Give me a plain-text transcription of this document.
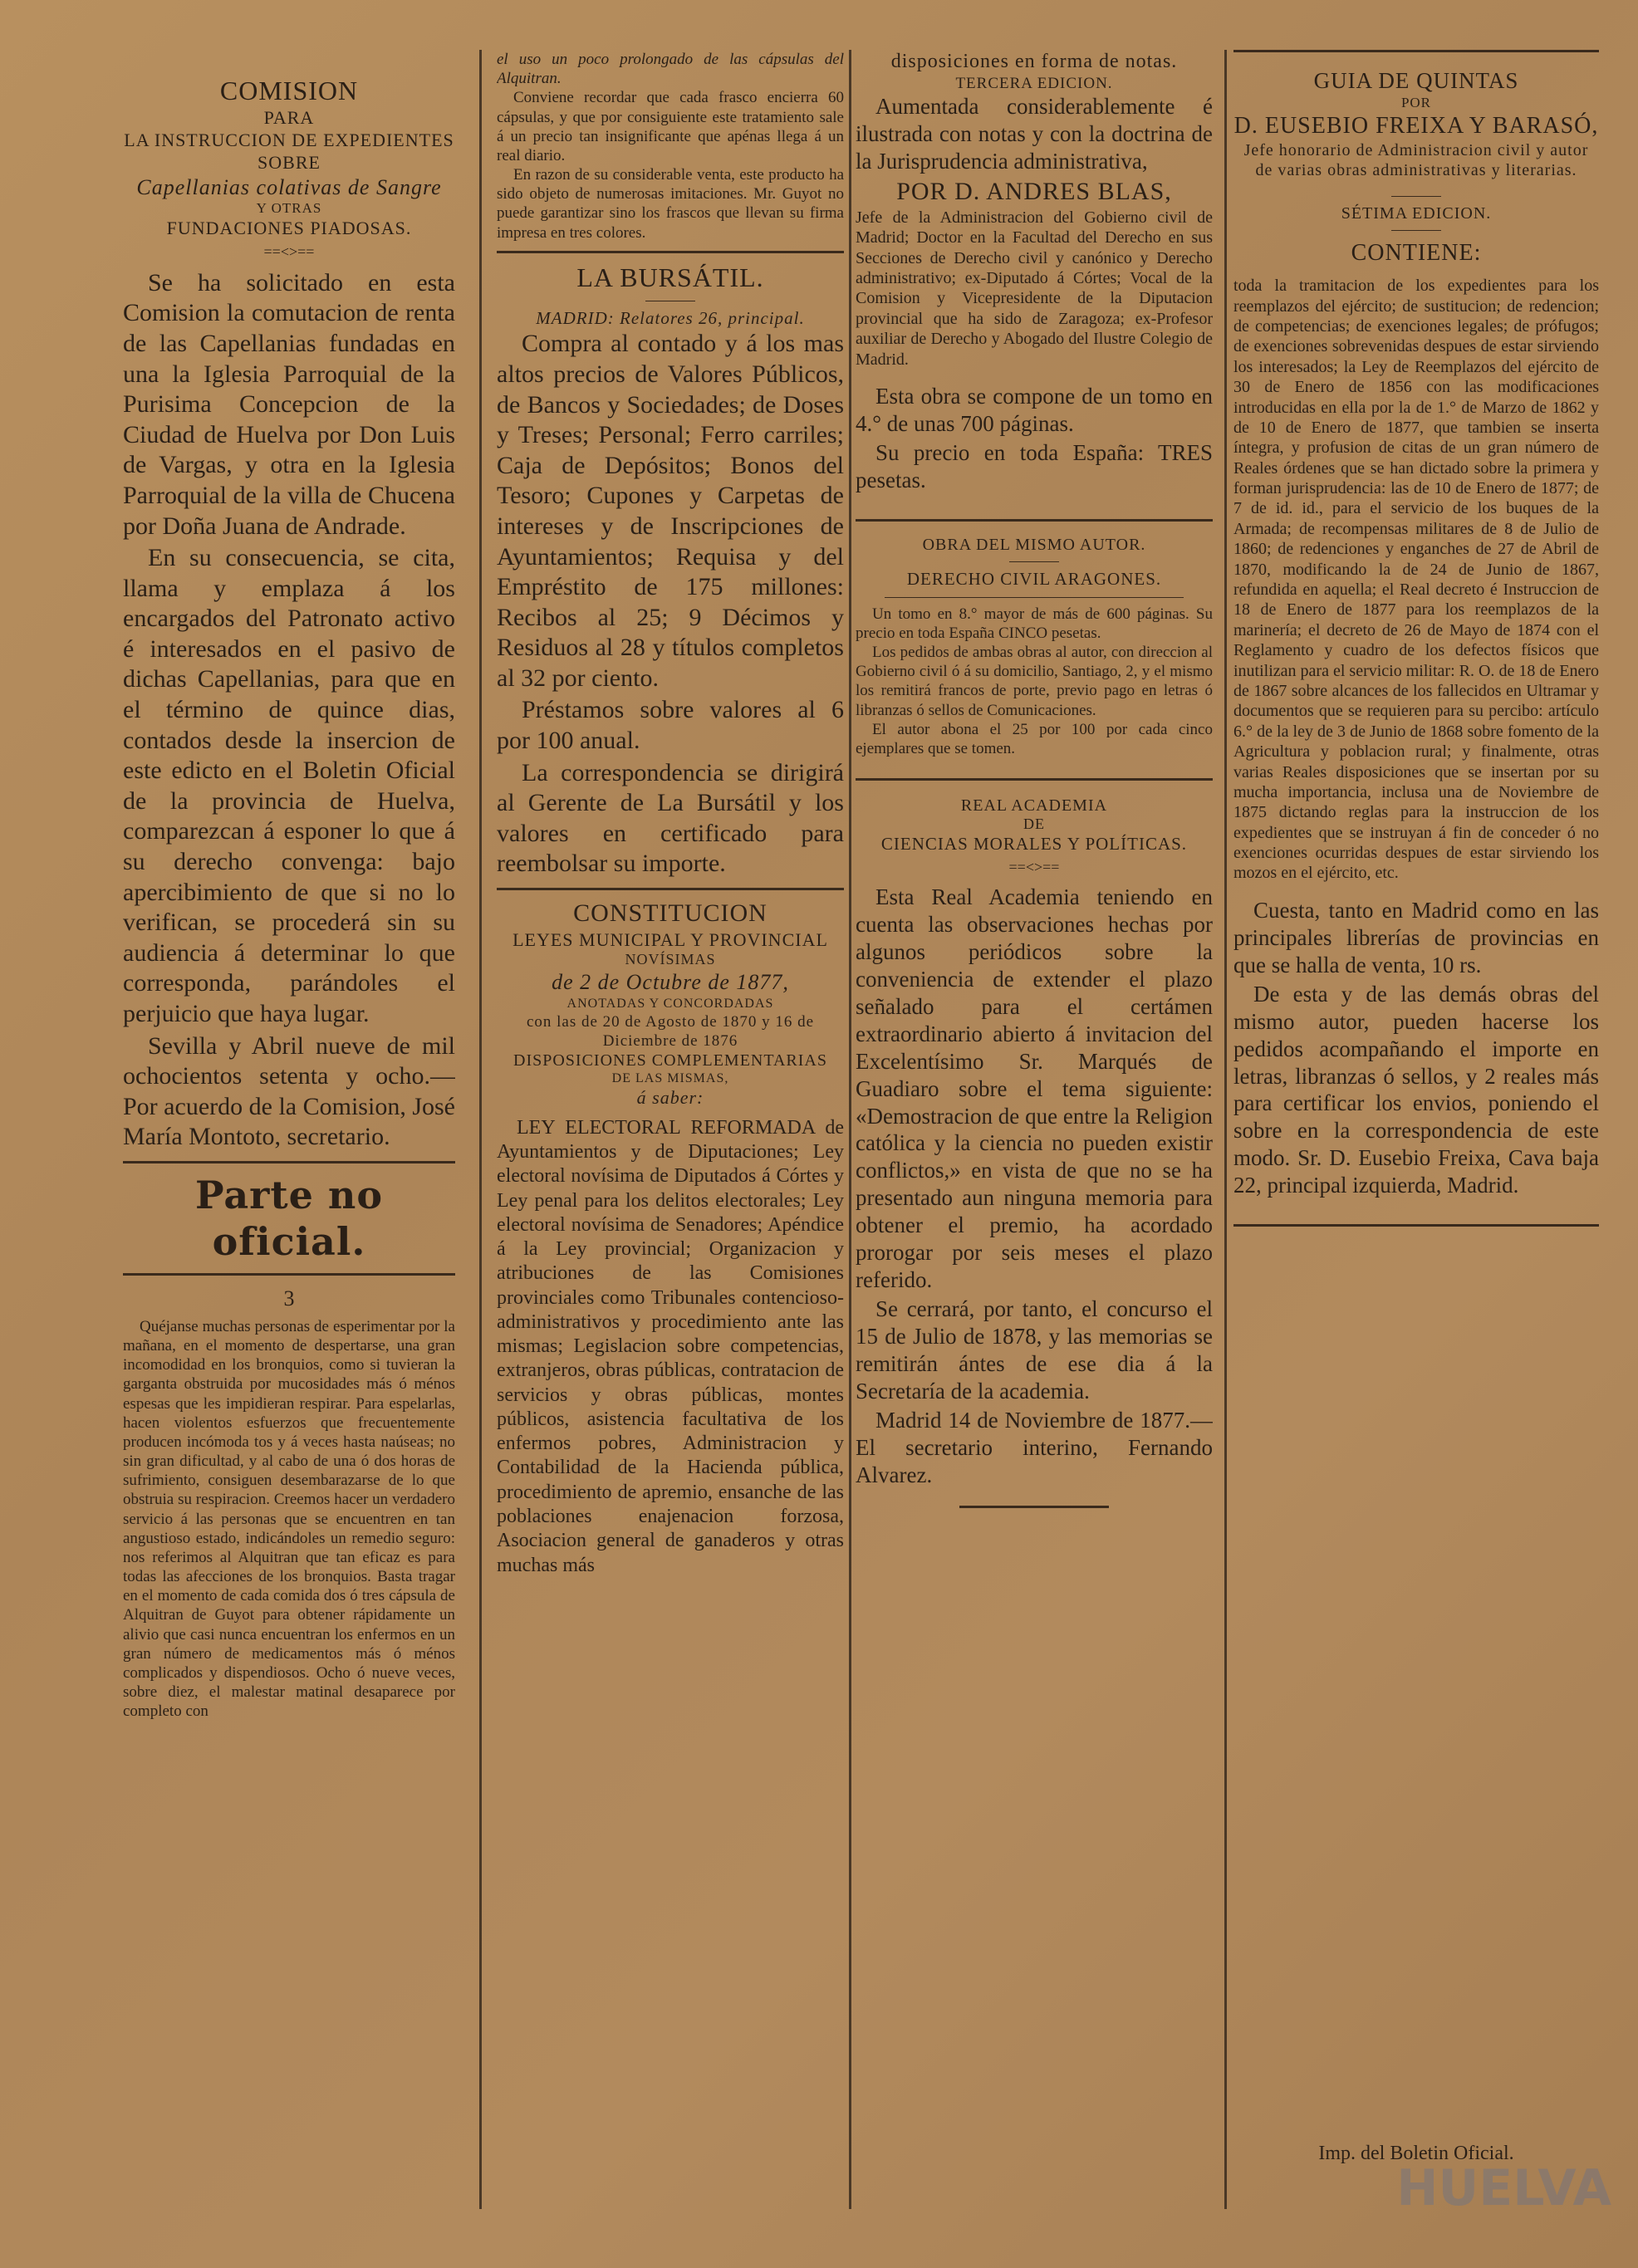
COMISION
PARA
LA INSTRUCCION DE EXPEDIENTES
SOBRE
Capellanias colativas de Sangre
Y OTRAS
FUNDACIONES PIADOSAS.
==<>==

Se ha solicitado en esta Comision la comutacion de renta de las Capellanias fundadas en una la Iglesia Parroquial de la Purisima Concepcion de la Ciudad de Huelva por Don Luis de Vargas, y otra en la Iglesia Parroquial de la villa de Chucena por Doña Juana de Andrade.

En su consecuencia, se cita, llama y emplaza á los encargados del Patronato activo é interesados en el pasivo de dichas Capellanias, para que en el término de quince dias, contados desde la insercion de este edicto en el Boletin Oficial de la provincia de Huelva, comparezcan á esponer lo que á su derecho convenga: bajo apercibimiento de que si no lo verifican, se procederá sin su audiencia á determinar lo que corresponda, parándoles el perjuicio que haya lugar.

Sevilla y Abril nueve de mil ochocientos setenta y ocho.—Por acuerdo de la Comision, José María Montoto, secretario.

Parte no oficial.
3

Quéjanse muchas personas de esperimentar por la mañana, en el momento de despertarse, una gran incomodidad en los bronquios, como si tuvieran la garganta obstruida por mucosidades más ó ménos espesas que les impidieran respirar. Para espelarlas, hacen violentos esfuerzos que frecuentemente producen incómoda tos y á veces hasta naúseas; no sin gran dificultad, y al cabo de una ó dos horas de sufrimiento, consiguen desembarazarse de lo que obstruia su respiracion. Creemos hacer un verdadero servicio á las personas que se encuentren en tan angustioso estado, indicándoles un remedio seguro: nos referimos al Alquitran que tan eficaz es para todas las afecciones de los bronquios. Basta tragar en el momento de cada comida dos ó tres cápsula de Alquitran de Guyot para obtener rápidamente un alivio que casi nunca encuentran los enfermos en un gran número de medicamentos más ó ménos complicados y dispendiosos. Ocho ó nueve veces, sobre diez, el malestar matinal desaparece por completo con

el uso un poco prolongado de las cápsulas del Alquitran.

Conviene recordar que cada frasco encierra 60 cápsulas, y que por consiguiente este tratamiento sale á un precio tan insignificante que apénas llega á un real diario.

En razon de su considerable venta, este producto ha sido objeto de numerosas imitaciones. Mr. Guyot no puede garantizar sino los frascos que llevan su firma impresa en tres colores.

LA BURSÁTIL.
MADRID: Relatores 26, principal.

Compra al contado y á los mas altos precios de Valores Públicos, de Bancos y Sociedades; de Doses y Treses; Personal; Ferro carriles; Caja de Depósitos; Bonos del Tesoro; Cupones y Carpetas de intereses y de Inscripciones de Ayuntamientos; Requisa y del Empréstito de 175 millones: Recibos al 25; 9 Décimos y Residuos al 28 y títulos completos al 32 por ciento.

Préstamos sobre valores al 6 por 100 anual.

La correspondencia se dirigirá al Gerente de La Bursátil y los valores en certificado para reembolsar su importe.

CONSTITUCION
LEYES MUNICIPAL Y PROVINCIAL
NOVÍSIMAS
de 2 de Octubre de 1877,
ANOTADAS Y CONCORDADAS
con las de 20 de Agosto de 1870 y 16 de Diciembre de 1876
DISPOSICIONES COMPLEMENTARIAS
DE LAS MISMAS,
á saber:

LEY ELECTORAL REFORMADA de Ayuntamientos y de Diputaciones; Ley electoral novísima de Diputados á Córtes y Ley penal para los delitos electorales; Ley electoral novísima de Senadores; Apéndice á la Ley provincial; Organizacion y atribuciones de las Comisiones provinciales como Tribunales contencioso-administrativos y procedimiento ante las mismas; Legislacion sobre competencias, extranjeros, obras públicas, contratacion de servicios y obras públicas, montes públicos, asistencia facultativa de los enfermos pobres, Administracion y Contabilidad de la Hacienda pública, procedimiento de apremio, ensanche de las poblaciones enajenacion forzosa, Asociacion general de ganaderos y otras muchas más

disposiciones en forma de notas.
TERCERA EDICION.

Aumentada considerablemente é ilustrada con notas y con la doctrina de la Jurisprudencia administrativa,

POR D. ANDRES BLAS,

Jefe de la Administracion del Gobierno civil de Madrid; Doctor en la Facultad del Derecho en sus Secciones de Derecho civil y canónico y Derecho administrativo; ex-Diputado á Córtes; Vocal de la Comision y Vicepresidente de la Diputacion provincial que ha sido de Zaragoza; ex-Profesor auxiliar de Derecho y Abogado del Ilustre Colegio de Madrid.

Esta obra se compone de un tomo en 4.° de unas 700 páginas.

Su precio en toda España: TRES pesetas.

OBRA DEL MISMO AUTOR.
DERECHO CIVIL ARAGONES.

Un tomo en 8.° mayor de más de 600 páginas. Su precio en toda España CINCO pesetas.

Los pedidos de ambas obras al autor, con direccion al Gobierno civil ó á su domicilio, Santiago, 2, y el mismo los remitirá francos de porte, previo pago en letras ó libranzas ó sellos de Comunicaciones.

El autor abona el 25 por 100 por cada cinco ejemplares que se tomen.

REAL ACADEMIA
DE
CIENCIAS MORALES Y POLÍTICAS.
==<>==

Esta Real Academia teniendo en cuenta las observaciones hechas por algunos periódicos sobre la conveniencia de extender el plazo señalado para el certámen extraordinario abierto á invitacion del Excelentísimo Sr. Marqués de Guadiaro sobre el tema siguiente: «Demostracion de que entre la Religion católica y la ciencia no pueden existir conflictos,» en vista de que no se ha presentado aun ninguna memoria para obtener el premio, ha acordado prorogar por seis meses el plazo referido.

Se cerrará, por tanto, el concurso el 15 de Julio de 1878, y las memorias se remitirán ántes de ese dia á la Secretaría de la academia.

Madrid 14 de Noviembre de 1877.—El secretario interino, Fernando Alvarez.

GUIA DE QUINTAS
POR
D. EUSEBIO FREIXA Y BARASÓ,
Jefe honorario de Administracion civil y autor de varias obras administrativas y literarias.
SÉTIMA EDICION.
CONTIENE:

toda la tramitacion de los expedientes para los reemplazos del ejército; de sustitucion; de redencion; de competencias; de exenciones legales; de prófugos; de exenciones sobrevenidas despues de estar sirviendo los interesados; la Ley de Reemplazos del ejército de 30 de Enero de 1856 con las modificaciones introducidas en ella por la de 1.° de Marzo de 1862 y de 10 de Enero de 1877, que tambien se inserta íntegra, y profusion de citas de un gran número de Reales órdenes que se han dictado sobre la primera y forman jurisprudencia: las de 10 de Enero de 1877; de 7 de id. id., para el servicio de los buques de la Armada; de recompensas militares de 8 de Julio de 1860; de redenciones y enganches de 27 de Abril de 1870, modificando la de 24 de Junio de 1867, refundida en aquella; el Real decreto é Instruccion de 18 de Enero de 1877 para los reemplazos de la marinería; el decreto de 26 de Mayo de 1874 con el Reglamento y cuadro de los defectos físicos que inutilizan para el servicio militar: R. O. de 18 de Enero de 1867 sobre alcances de los fallecidos en Ultramar y documentos que se requieren para su percibo: artículo 6.° de la ley de 3 de Junio de 1868 sobre fomento de la Agricultura y poblacion rural; y finalmente, otras varias Reales disposiciones que se insertan por su mucha importancia, inclusa una de Noviembre de 1875 dictando reglas para la instruccion de los expedientes que se instruyan á fin de conceder ó no exenciones ocurridas despues de estar sirviendo los mozos en el ejército, etc.

Cuesta, tanto en Madrid como en las principales librerías de provincias en que se halla de venta, 10 rs.

De esta y de las demás obras del mismo autor, pueden hacerse los pedidos acompañando el importe en letras, libranzas ó sellos, y 2 reales más para certificar los envios, poniendo el sobre en la correspondencia de este modo. Sr. D. Eusebio Freixa, Cava baja 22, principal izquierda, Madrid.

Imp. del Boletin Oficial.
HUELVA
